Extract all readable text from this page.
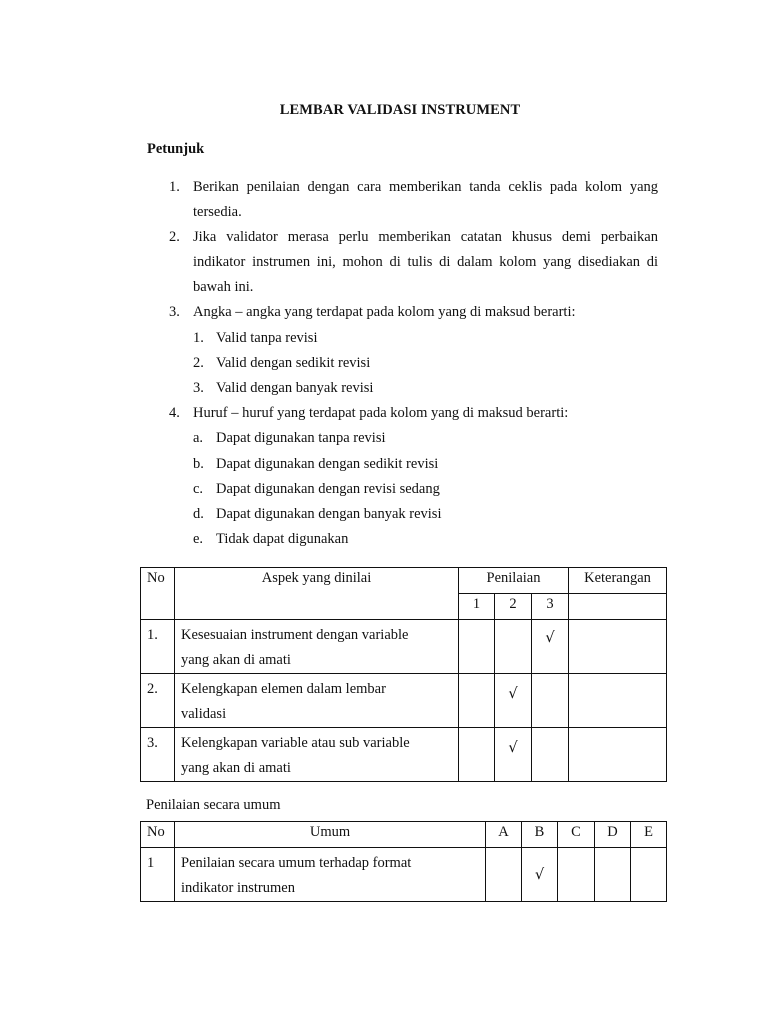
LEMBAR VALIDASI INSTRUMENT
Petunjuk
1. Berikan penilaian dengan cara memberikan tanda ceklis pada kolom yang
tersedia.
2. Jika validator merasa perlu memberikan catatan khusus demi perbaikan
indikator instrumen ini, mohon di tulis di dalam kolom yang disediakan di
bawah ini.
3. Angka – angka yang terdapat pada kolom yang di maksud berarti:
1. Valid tanpa revisi
2. Valid dengan sedikit revisi
3. Valid dengan banyak revisi
4. Huruf – huruf yang terdapat pada kolom yang di maksud berarti:
a. Dapat digunakan tanpa revisi
b. Dapat digunakan dengan sedikit revisi
c. Dapat digunakan dengan revisi sedang
d. Dapat digunakan dengan banyak revisi
e. Tidak dapat digunakan
No	Aspek yang dinilai	Penilaian			Keterangan

		1	2	3	

1.	Kesesuaian instrument dengan variable
yang akan di amati			√	

2.	Kelengkapan elemen dalam lembar
validasi		√		

3.	Kelengkapan variable atau sub variable
yang akan di amati		√		
Penilaian secara umum
No	Umum	A	B	C	D	E

1	Penilaian secara umum terhadap format
indikator instrumen		√			
